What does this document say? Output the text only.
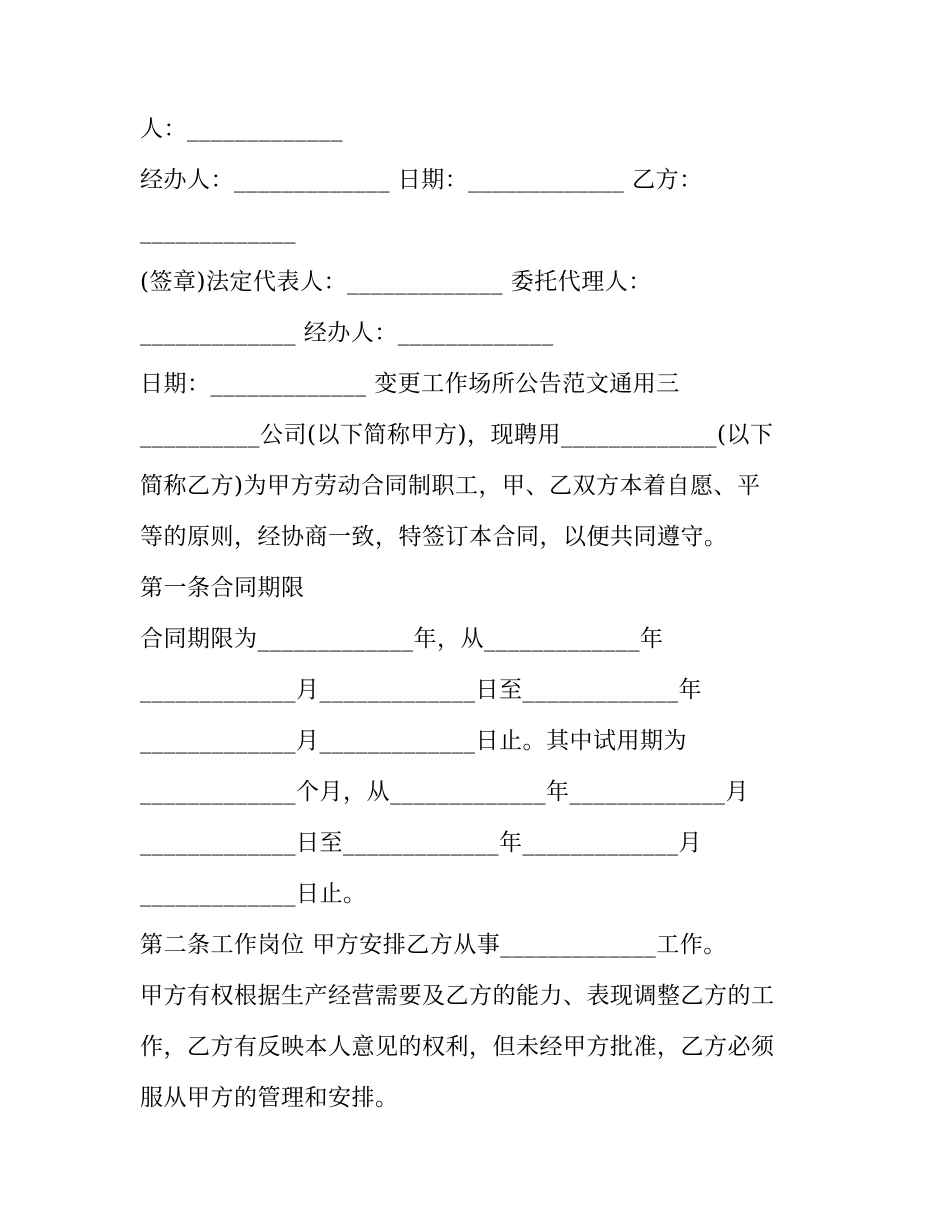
人：_____________
经办人：_____________ 日期：_____________ 乙方：
_____________
(签章)法定代表人：_____________ 委托代理人：
_____________ 经办人：_____________
日期：_____________ 变更工作场所公告范文通用三
__________公司(以下简称甲方)，现聘用_____________(以下
简称乙方)为甲方劳动合同制职工，甲、乙双方本着自愿、平
等的原则，经协商一致，特签订本合同，以便共同遵守。
第一条合同期限
合同期限为_____________年，从_____________年
_____________月_____________日至_____________年
_____________月_____________日止。其中试用期为
_____________个月，从_____________年_____________月
_____________日至_____________年_____________月
_____________日止。
第二条工作岗位 甲方安排乙方从事_____________工作。
甲方有权根据生产经营需要及乙方的能力、表现调整乙方的工
作，乙方有反映本人意见的权利，但未经甲方批准，乙方必须
服从甲方的管理和安排。
